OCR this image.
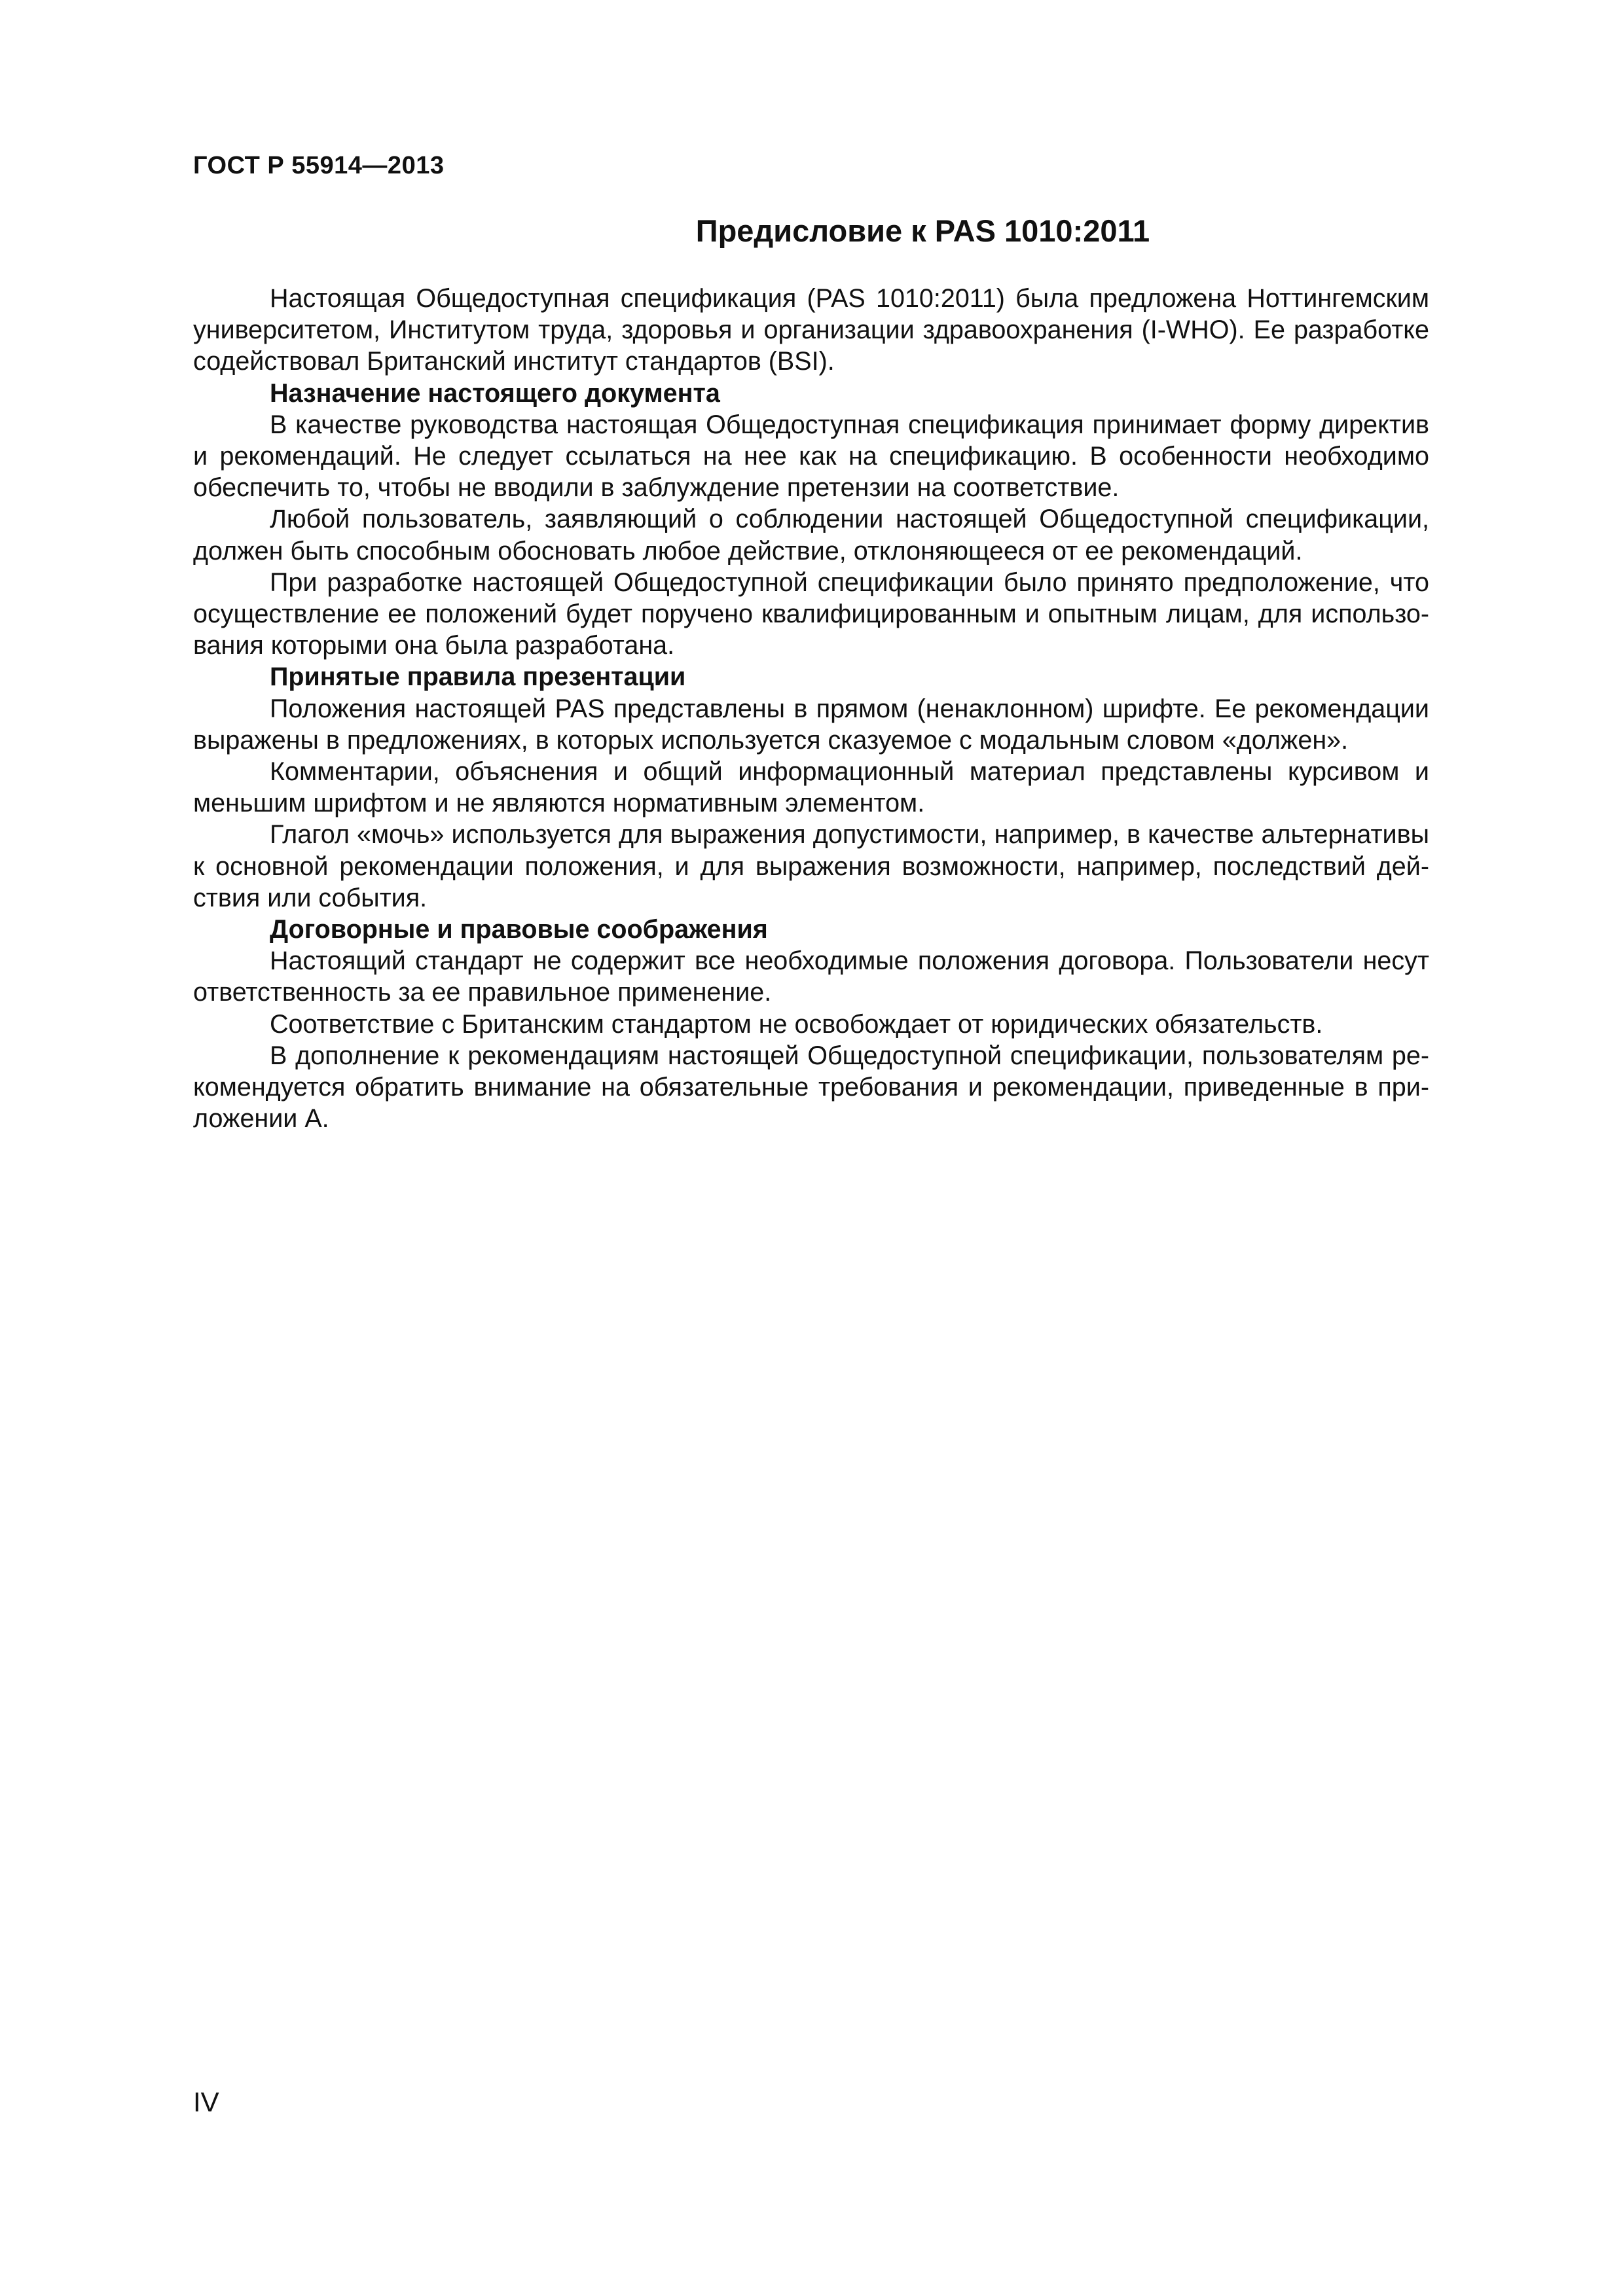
ГОСТ Р 55914—2013
Предисловие к PAS 1010:2011

Настоящая Общедоступная спецификация (PAS 1010:2011) была предложена Ноттингемским университетом, Институтом труда, здоровья и организации здравоохранения (I-WHO). Ее разработке содействовал Британский институт стандартов (BSI).

Назначение настоящего документа

В качестве руководства настоящая Общедоступная спецификация принимает форму директив и рекомендаций. Не следует ссылаться на нее как на спецификацию. В особенности необходимо обеспечить то, чтобы не вводили в заблуждение претензии на соответствие.

Любой пользователь, заявляющий о соблюдении настоящей Общедоступной спецификации, должен быть способным обосновать любое действие, отклоняющееся от ее рекомендаций.

При разработке настоящей Общедоступной спецификации было принято предположение, что осуществление ее положений будет поручено квалифицированным и опытным лицам, для использования которыми она была разработана.

Принятые правила презентации

Положения настоящей PAS представлены в прямом (ненаклонном) шрифте. Ее рекомендации выражены в предложениях, в которых используется сказуемое с модальным словом «должен».

Комментарии, объяснения и общий информационный материал представлены курсивом и меньшим шрифтом и не являются нормативным элементом.

Глагол «мочь» используется для выражения допустимости, например, в качестве альтернативы к основной рекомендации положения, и для выражения возможности, например, последствий действия или события.

Договорные и правовые соображения

Настоящий стандарт не содержит все необходимые положения договора. Пользователи несут ответственность за ее правильное применение.

Соответствие с Британским стандартом не освобождает от юридических обязательств.

В дополнение к рекомендациям настоящей Общедоступной спецификации, пользователям рекомендуется обратить внимание на обязательные требования и рекомендации, приведенные в приложении А.

IV
